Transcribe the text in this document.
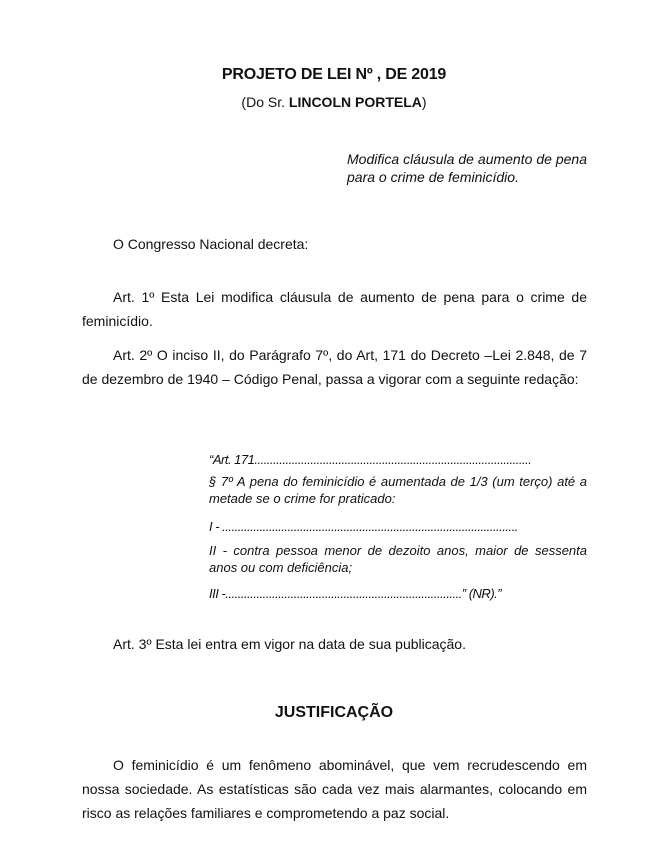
PROJETO DE LEI Nº , DE 2019

(Do Sr. LINCOLN PORTELA)

Modifica cláusula de aumento de pena para o crime de feminicídio.

O Congresso Nacional decreta:

Art. 1º Esta Lei modifica cláusula de aumento de pena para o crime de feminicídio.

Art. 2º O inciso II, do Parágrafo 7º, do Art, 171 do Decreto –Lei 2.848, de 7 de dezembro de 1940 – Código Penal, passa a vigorar com a seguinte redação:

“Art. 171.........................................................................................

§ 7º A pena do feminicídio é aumentada de 1/3 (um terço) até a metade se o crime for praticado:

I - ...............................................................................................

II - contra pessoa menor de dezoito anos, maior de sessenta anos ou com deficiência;

III -............................................................................” (NR).”

Art. 3º Esta lei entra em vigor na data de sua publicação.

JUSTIFICAÇÃO

O feminicídio é um fenômeno abominável, que vem recrudescendo em nossa sociedade. As estatísticas são cada vez mais alarmantes, colocando em risco as relações familiares e comprometendo a paz social.
